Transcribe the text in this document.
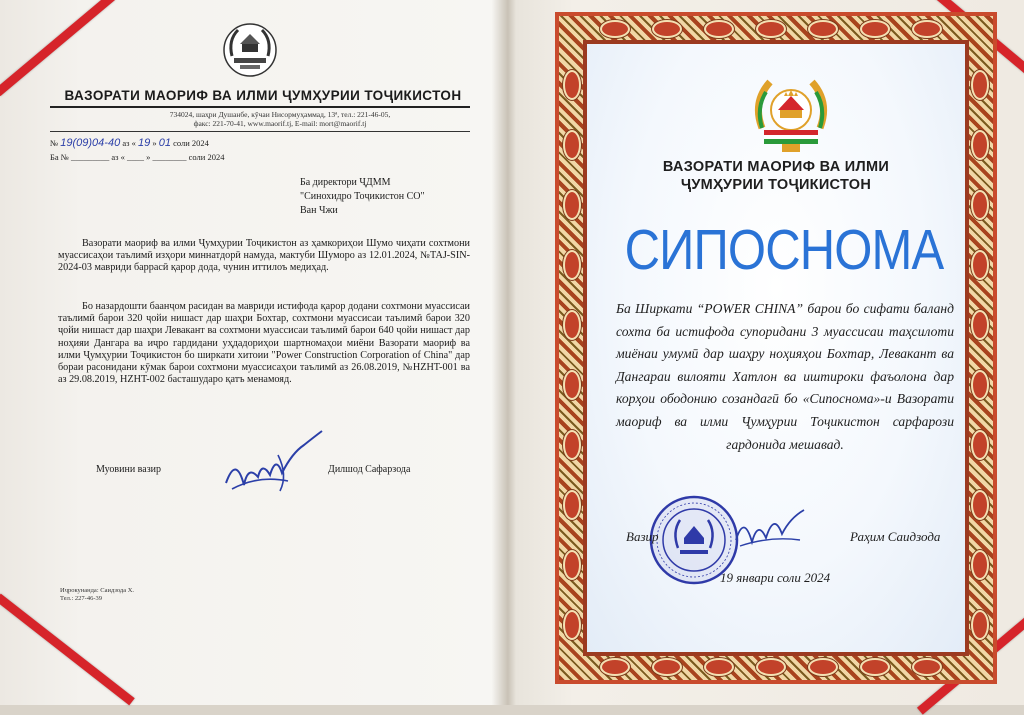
ВАЗОРАТИ МАОРИФ ВА ИЛМИ ҶУМҲУРИИ ТОҶИКИСТОН
734024, шаҳри Душанбе, кӯчаи Нисормуҳаммад, 13ª, тел.: 221-46-05,
факс: 221-70-41, www.maorif.tj, E-mail: mort@maorif.tj
№ 19(09)04-40 аз « 19 » 01 соли 2024
Ба № _________ аз « ____ » ________ соли 2024
Ба директори ҶДММ
"Синохидро Тоҷикистон СО"
Ван Чжи

Вазорати маориф ва илми Ҷумҳурии Тоҷикистон аз ҳамкориҳои Шумо чиҳати сохтмони муассисаҳои таълимӣ изҳори миннатдорӣ намуда, мактуби Шуморо аз 12.01.2024, №TAJ-SIN-2024-03 мавриди баррасӣ қарор дода, чунин иттилоъ медиҳад.

Бо назардошти баанҷом расидан ва мавриди истифода қарор додани сохтмони муассисаи таълимӣ барои 320 ҷойи нишаст дар шаҳри Бохтар, сохтмони муассисаи таълимӣ барои 320 ҷойи нишаст дар шаҳри Левакант ва сохтмони муассисаи таълимӣ барои 640 ҷойи нишаст дар ноҳияи Дангара ва иҷро гардидани уҳдадориҳои шартномаҳои миёни Вазорати маориф ва илми Ҷумҳурии Тоҷикистон бо ширкати хитоии "Power Construction Corporation of China" дар бораи расонидани кӯмак барои сохтмони муассисаҳои таълимӣ аз 26.08.2019, №HZHT-001 ва аз 29.08.2019, HZHT-002 басташударо қатъ менамояд.

Муовини вазир	Дилшод Сафарзода
Иҷрокунанда: Саидзода Х.
Тел.: 227-46-39
ВАЗОРАТИ МАОРИФ ВА ИЛМИ
ҶУМҲУРИИ ТОҶИКИСТОН
СИПОСНОМА

Ба Ширкати “POWER CHINA” барои бо сифати баланд сохта ба истифода супоридани 3 муассисаи таҳсилоти миёнаи умумӣ дар шаҳру ноҳияҳои Бохтар, Левакант ва Дангараи вилояти Хатлон ва иштироки фаъолона дар корҳои ободонию созандагӣ бо «Сипоснома»-и Вазорати маориф ва илми Ҷумҳурии Тоҷикистон сарфарози гардонида мешавад.

Вазир	Раҳим Саидзода
19 январи соли 2024
